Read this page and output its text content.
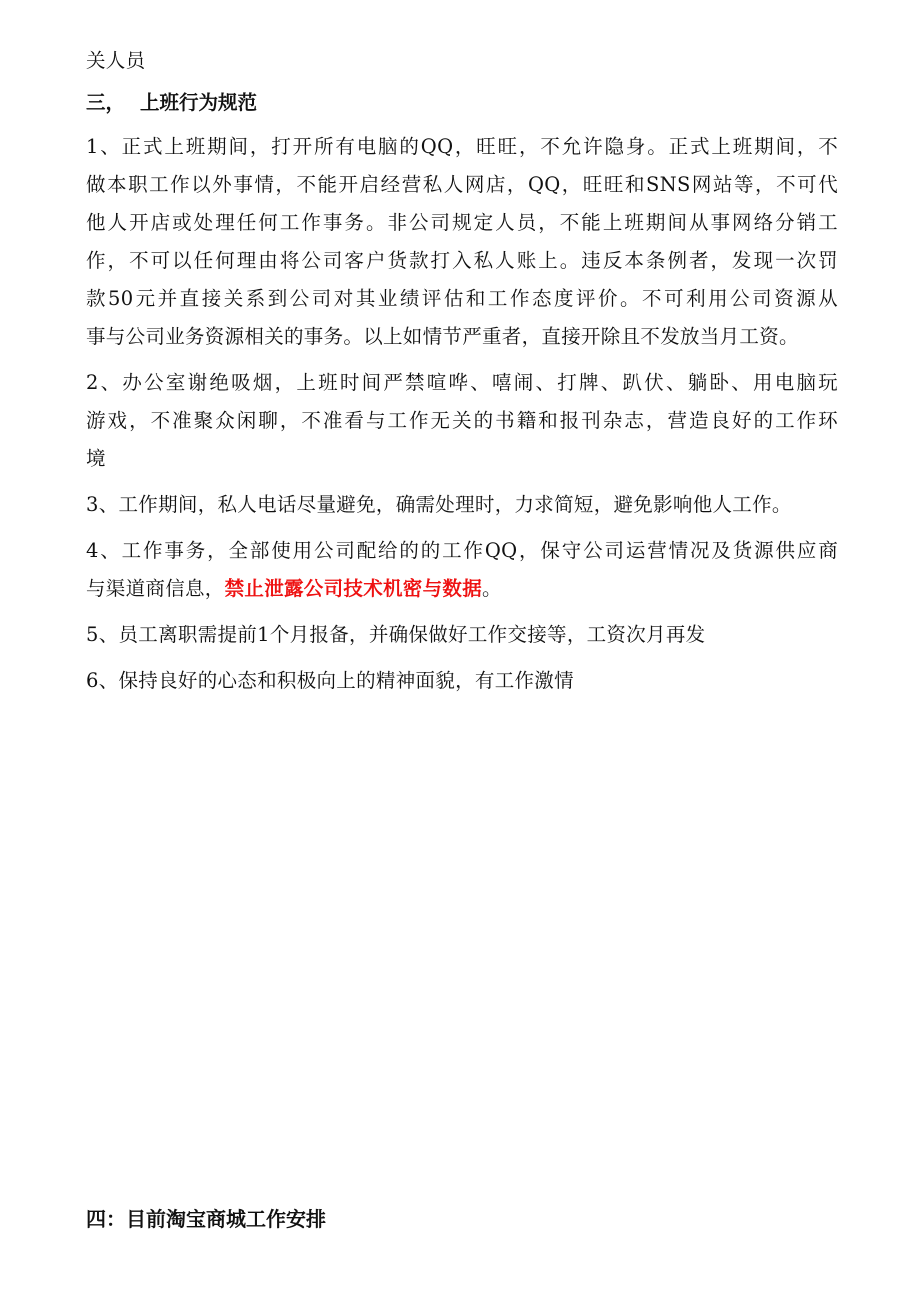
关人员
三， 上班行为规范
1、正式上班期间，打开所有电脑的QQ，旺旺，不允许隐身。正式上班期间，不
做本职工作以外事情，不能开启经营私人网店，QQ，旺旺和SNS网站等，不可代
他人开店或处理任何工作事务。非公司规定人员，不能上班期间从事网络分销工
作，不可以任何理由将公司客户货款打入私人账上。违反本条例者，发现一次罚
款50元并直接关系到公司对其业绩评估和工作态度评价。不可利用公司资源从
事与公司业务资源相关的事务。以上如情节严重者，直接开除且不发放当月工资。
2、办公室谢绝吸烟，上班时间严禁喧哗、嘻闹、打牌、趴伏、躺卧、用电脑玩
游戏，不准聚众闲聊，不准看与工作无关的书籍和报刊杂志，营造良好的工作环
境
3、工作期间，私人电话尽量避免，确需处理时，力求简短，避免影响他人工作。
4、工作事务，全部使用公司配给的的工作QQ，保守公司运营情况及货源供应商
与渠道商信息，禁止泄露公司技术机密与数据。
5、员工离职需提前1个月报备，并确保做好工作交接等，工资次月再发
6、保持良好的心态和积极向上的精神面貌，有工作激情
四：目前淘宝商城工作安排
